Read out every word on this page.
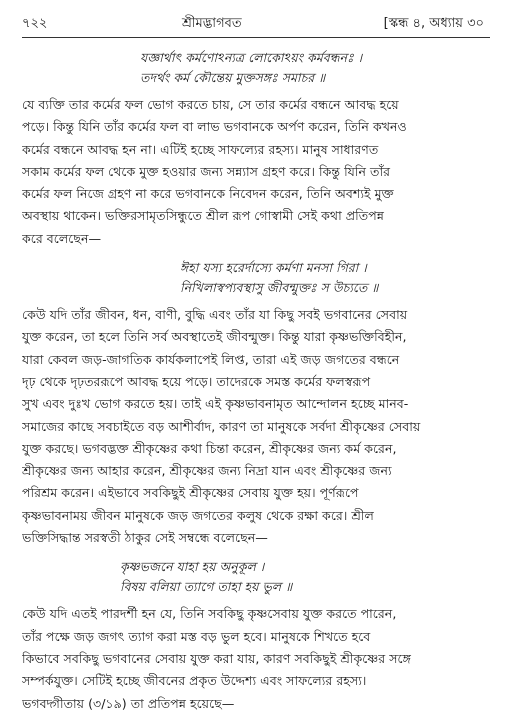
৭২২	শ্রীমদ্ভাগবত	[স্কন্ধ ৪, অধ্যায় ৩০
যজ্ঞার্থাৎ কর্মণোঽন্যত্র লোকোঽয়ং কর্মবন্ধনঃ ।
তদর্থং কর্ম কৌন্তেয় মুক্তসঙ্গঃ সমাচর ॥

যে ব্যক্তি তার কর্মের ফল ভোগ করতে চায়, সে তার কর্মের বন্ধনে আবদ্ধ হয়ে
পড়ে। কিন্তু যিনি তাঁর কর্মের ফল বা লাভ ভগবানকে অর্পণ করেন, তিনি কখনও
কর্মের বন্ধনে আবদ্ধ হন না। এটিই হচ্ছে সাফল্যের রহস্য। মানুষ সাধারণত
সকাম কর্মের ফল থেকে মুক্ত হওয়ার জন্য সন্ন্যাস গ্রহণ করে। কিন্তু যিনি তাঁর
কর্মের ফল নিজে গ্রহণ না করে ভগবানকে নিবেদন করেন, তিনি অবশ্যই মুক্ত
অবস্থায় থাকেন। ভক্তিরসামৃতসিন্ধুতে শ্রীল রূপ গোস্বামী সেই কথা প্রতিপন্ন
করে বলেছেন—

ঈহা যস্য হরের্দাস্যে কর্মণা মনসা গিরা ।
নিখিলাস্বপ্যবস্থাসু জীবন্মুক্তঃ স উচ্যতে ॥

কেউ যদি তাঁর জীবন, ধন, বাণী, বুদ্ধি এবং তাঁর যা কিছু সবই ভগবানের সেবায়
যুক্ত করেন, তা হলে তিনি সর্ব অবস্থাতেই জীবন্মুক্ত। কিন্তু যারা কৃষ্ণভক্তিবিহীন,
যারা কেবল জড়-জাগতিক কার্যকলাপেই লিপ্ত, তারা এই জড় জগতের বন্ধনে
দৃঢ় থেকে দৃঢ়তররূপে আবদ্ধ হয়ে পড়ে। তাদেরকে সমস্ত কর্মের ফলস্বরূপ
সুখ এবং দুঃখ ভোগ করতে হয়। তাই এই কৃষ্ণভাবনামৃত আন্দোলন হচ্ছে মানব-
সমাজের কাছে সবচাইতে বড় আশীর্বাদ, কারণ তা মানুষকে সর্বদা শ্রীকৃষ্ণের সেবায়
যুক্ত করছে। ভগবদ্ভক্ত শ্রীকৃষ্ণের কথা চিন্তা করেন, শ্রীকৃষ্ণের জন্য কর্ম করেন,
শ্রীকৃষ্ণের জন্য আহার করেন, শ্রীকৃষ্ণের জন্য নিদ্রা যান এবং শ্রীকৃষ্ণের জন্য
পরিশ্রম করেন। এইভাবে সবকিছুই শ্রীকৃষ্ণের সেবায় যুক্ত হয়। পূর্ণরূপে
কৃষ্ণভাবনাময় জীবন মানুষকে জড় জগতের কলুষ থেকে রক্ষা করে। শ্রীল
ভক্তিসিদ্ধান্ত সরস্বতী ঠাকুর সেই সম্বন্ধে বলেছেন—

কৃষ্ণভজনে যাহা হয় অনুকূল ।
বিষয় বলিয়া ত্যাগে তাহা হয় ভুল ॥

কেউ যদি এতই পারদর্শী হন যে, তিনি সবকিছু কৃষ্ণসেবায় যুক্ত করতে পারেন,
তাঁর পক্ষে জড় জগৎ ত্যাগ করা মস্ত বড় ভুল হবে। মানুষকে শিখতে হবে
কিভাবে সবকিছু ভগবানের সেবায় যুক্ত করা যায়, কারণ সবকিছুই শ্রীকৃষ্ণের সঙ্গে
সম্পর্কযুক্ত। সেটিই হচ্ছে জীবনের প্রকৃত উদ্দেশ্য এবং সাফল্যের রহস্য।
ভগবদ্গীতায় (৩/১৯) তা প্রতিপন্ন হয়েছে—
